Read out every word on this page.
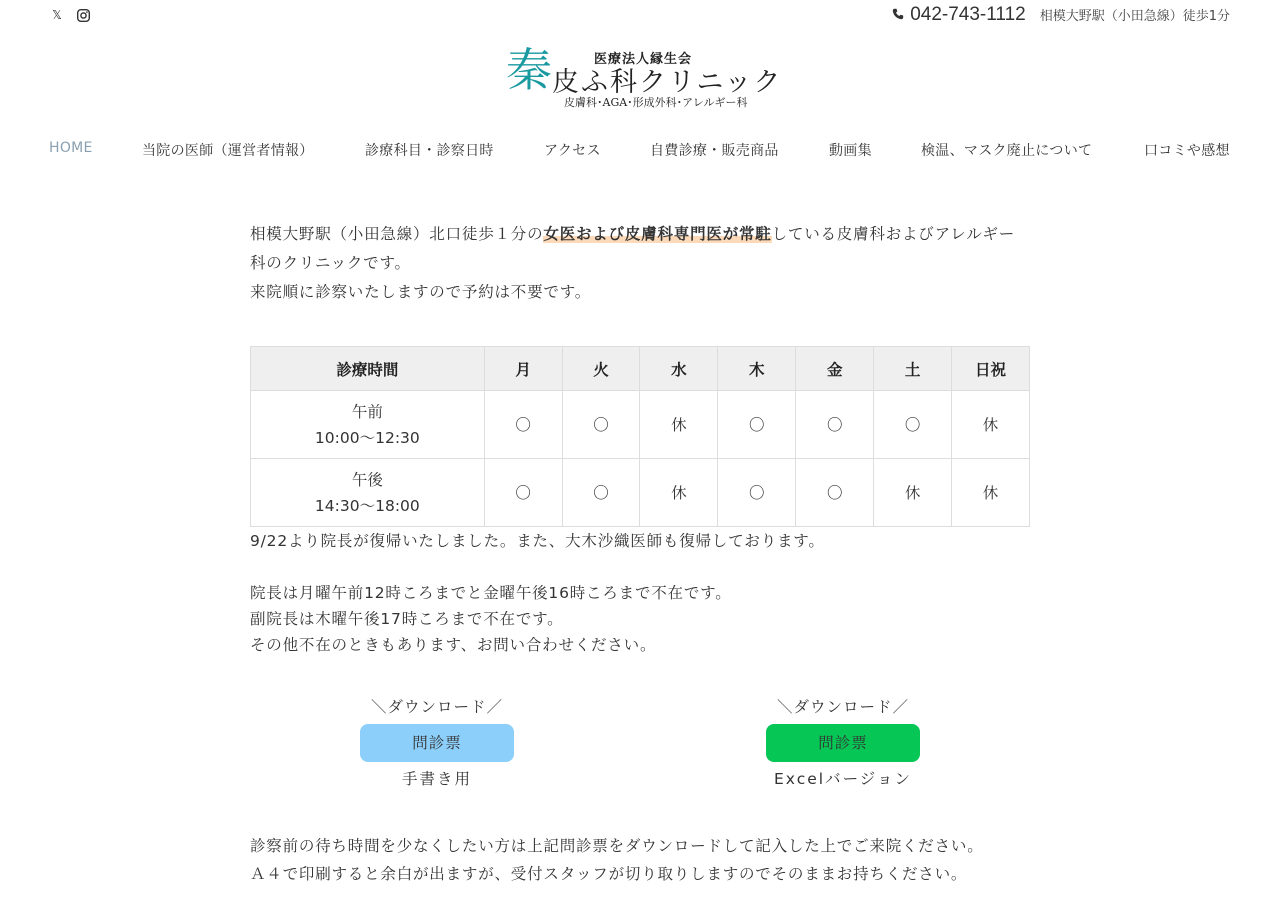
𝕏	042-743-1112 相模大野駅（小田急線）徒歩1分
秦	医療法人縁生会
皮ふ科クリニック
皮膚科･AGA･形成外科･アレルギー科
HOME	当院の医師（運営者情報）	診療科目・診察日時	アクセス	自費診療・販売商品	動画集	検温、マスク廃止について	口コミや感想

相模大野駅（小田急線）北口徒歩１分の女医および皮膚科専門医が常駐している皮膚科およびアレルギー科のクリニックです。
来院順に診察いたしますので予約は不要です。

診療時間	月	火	水	木	金	土	日祝
午前
10:00～12:30	〇	〇	休	〇	〇	〇	休
午後
14:30～18:00	〇	〇	休	〇	〇	休	休
9/22より院長が復帰いたしました。また、大木沙織医師も復帰しております。
院長は月曜午前12時ころまでと金曜午後16時ころまで不在です。
副院長は木曜午後17時ころまで不在です。
その他不在のときもあります、お問い合わせください。
＼ダウンロード／
問診票
手書き用
＼ダウンロード／
問診票
Excelバージョン
診察前の待ち時間を少なくしたい方は上記問診票をダウンロードして記入した上でご来院ください。
Ａ４で印刷すると余白が出ますが、受付スタッフが切り取りしますのでそのままお持ちください。
